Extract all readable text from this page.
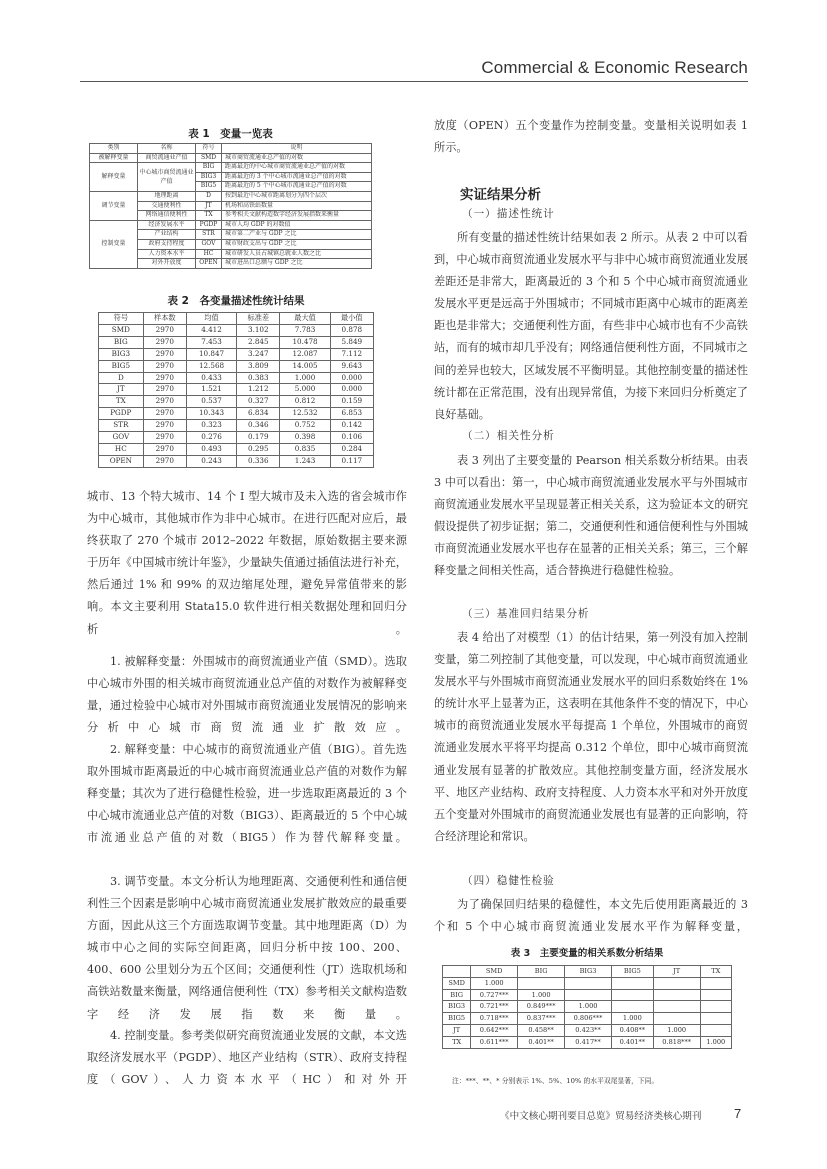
Commercial & Economic Research
表 1　变量一览表
类别	名称	符号	说明
被解释变量	商贸流通业产值	SMD	城市商贸流通业总产值的对数
解释变量	中心城市商贸流通业产值	BIG	距离最近的中心城市商贸流通业总产值的对数
		BIG3	距离最近的 3 个中心城市流通业总产值的对数
		BIG5	距离最近的 5 个中心城市流通业总产值的对数
调节变量	地理距离	D	按到最近中心城市距离划分为四个层次
	交通便利性	JT	机场和高铁站数量
	网络通信便利性	TX	参考相关文献构造数字经济发展指数来衡量
控制变量	经济发展水平	PGDP	城市人均 GDP 的对数值
	产业结构	STR	城市第二产业与 GDP 之比
	政府支持程度	GOV	城市财政支出与 GDP 之比
	人力资本水平	HC	城市研发人员占城镇总就业人数之比
	对外开放度	OPEN	城市进出口总额与 GDP 之比
表 2　各变量描述性统计结果
符号	样本数	均值	标准差	最大值	最小值
SMD	2970	4.412	3.102	7.783	0.878
BIG	2970	7.453	2.845	10.478	5.849
BIG3	2970	10.847	3.247	12.087	7.112
BIG5	2970	12.568	3.809	14.005	9.643
D	2970	0.433	0.383	1.000	0.000
JT	2970	1.521	1.212	5.000	0.000
TX	2970	0.537	0.327	0.812	0.159
PGDP	2970	10.343	6.834	12.532	6.853
STR	2970	0.323	0.346	0.752	0.142
GOV	2970	0.276	0.179	0.398	0.106
HC	2970	0.493	0.295	0.835	0.284
OPEN	2970	0.243	0.336	1.243	0.117
城市、13 个特大城市、14 个 Ⅰ 型大城市及未入选的省会城市作为中心城市，其他城市作为非中心城市。在进行匹配对应后，最终获取了 270 个城市 2012–2022 年数据，原始数据主要来源于历年《中国城市统计年鉴》，少量缺失值通过插值法进行补充，然后通过 1% 和 99% 的双边缩尾处理，避免异常值带来的影响。本文主要利用 Stata15.0 软件进行相关数据处理和回归分析。
1. 被解释变量：外围城市的商贸流通业产值（SMD）。选取中心城市外围的相关城市商贸流通业总产值的对数作为被解释变量，通过检验中心城市对外围城市商贸流通业发展情况的影响来分析中心城市商贸流通业扩散效应。
2. 解释变量：中心城市的商贸流通业产值（BIG）。首先选取外围城市距离最近的中心城市商贸流通业总产值的对数作为解释变量；其次为了进行稳健性检验，进一步选取距离最近的 3 个中心城市流通业总产值的对数（BIG3）、距离最近的 5 个中心城市流通业总产值的对数（BIG5）作为替代解释变量。
3. 调节变量。本文分析认为地理距离、交通便利性和通信便利性三个因素是影响中心城市商贸流通业发展扩散效应的最重要方面，因此从这三个方面选取调节变量。其中地理距离（D）为城市中心之间的实际空间距离，回归分析中按 100、200、400、600 公里划分为五个区间；交通便利性（JT）选取机场和高铁站数量来衡量，网络通信便利性（TX）参考相关文献构造数字经济发展指数来衡量。
4. 控制变量。参考类似研究商贸流通业发展的文献，本文选取经济发展水平（PGDP）、地区产业结构（STR）、政府支持程度（GOV）、人力资本水平（HC）和对外开
放度（OPEN）五个变量作为控制变量。变量相关说明如表 1 所示。
实证结果分析
（一）描述性统计
所有变量的描述性统计结果如表 2 所示。从表 2 中可以看到，中心城市商贸流通业发展水平与非中心城市商贸流通业发展差距还是非常大，距离最近的 3 个和 5 个中心城市商贸流通业发展水平更是远高于外围城市；不同城市距离中心城市的距离差距也是非常大；交通便利性方面，有些非中心城市也有不少高铁站，而有的城市却几乎没有；网络通信便利性方面，不同城市之间的差异也较大，区域发展不平衡明显。其他控制变量的描述性统计都在正常范围，没有出现异常值，为接下来回归分析奠定了良好基础。
（二）相关性分析
表 3 列出了主要变量的 Pearson 相关系数分析结果。由表 3 中可以看出：第一，中心城市商贸流通业发展水平与外围城市商贸流通业发展水平呈现显著正相关关系，这为验证本文的研究假设提供了初步证据；第二，交通便利性和通信便利性与外围城市商贸流通业发展水平也存在显著的正相关关系；第三，三个解释变量之间相关性高，适合替换进行稳健性检验。
（三）基准回归结果分析
表 4 给出了对模型（1）的估计结果，第一列没有加入控制变量，第二列控制了其他变量，可以发现，中心城市商贸流通业发展水平与外围城市商贸流通业发展水平的回归系数始终在 1% 的统计水平上显著为正，这表明在其他条件不变的情况下，中心城市的商贸流通业发展水平每提高 1 个单位，外围城市的商贸流通业发展水平将平均提高 0.312 个单位，即中心城市商贸流通业发展有显著的扩散效应。其他控制变量方面，经济发展水平、地区产业结构、政府支持程度、人力资本水平和对外开放度五个变量对外围城市的商贸流通业发展也有显著的正向影响，符合经济理论和常识。
（四）稳健性检验
为了确保回归结果的稳健性，本文先后使用距离最近的 3 个和 5 个中心城市商贸流通业发展水平作为解释变量，
表 3　主要变量的相关系数分析结果
	SMD	BIG	BIG3	BIG5	JT	TX
SMD	1.000					
BIG	0.727***	1.000				
BIG3	0.721***	0.849***	1.000			
BIG5	0.718***	0.837***	0.806***	1.000		
JT	0.642***	0.458**	0.423**	0.408**	1.000	
TX	0.611***	0.401**	0.417**	0.401**	0.818***	1.000
注：***、**、* 分别表示 1%、5%、10% 的水平双尾显著，下同。
《中文核心期刊要目总览》贸易经济类核心期刊	7
